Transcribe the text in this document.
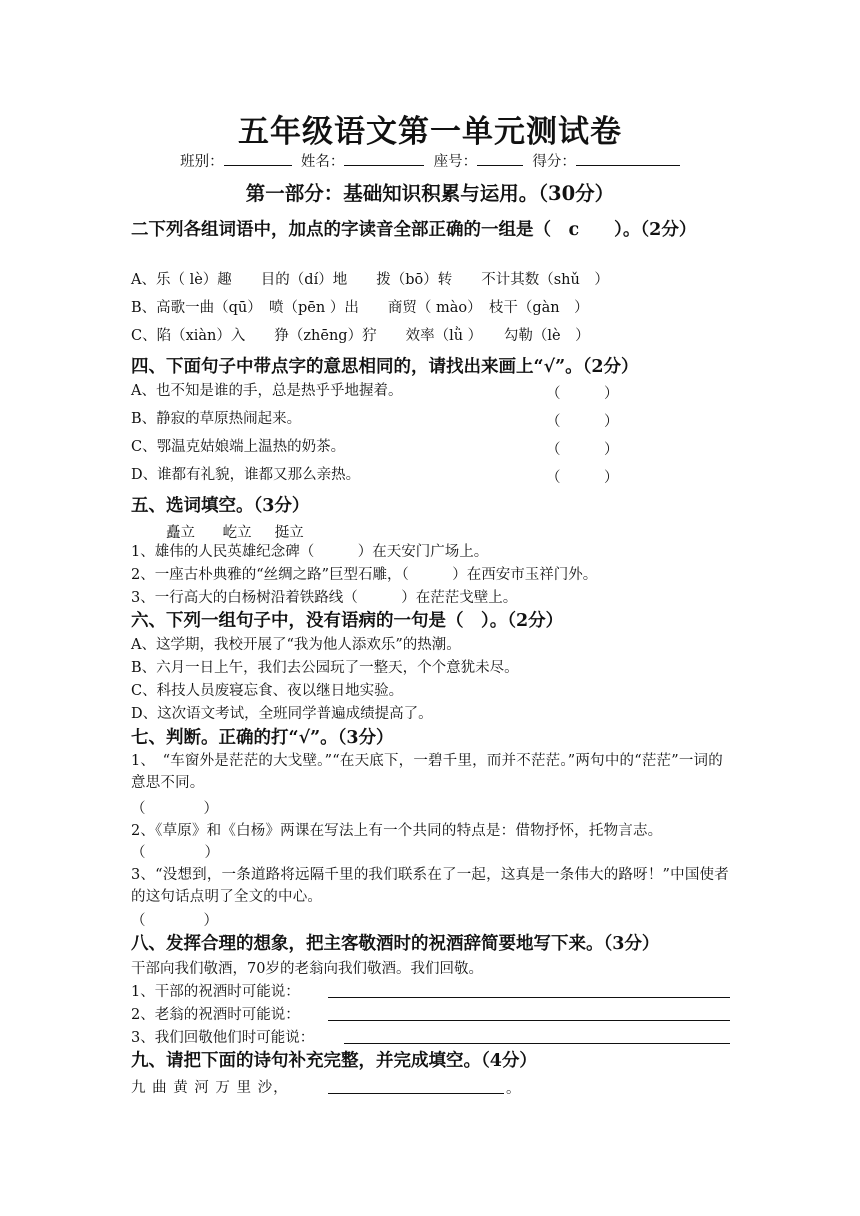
五年级语文第一单元测试卷
班别：	姓名：	座号：	得分：
第一部分：基础知识积累与运用。（30分）
二下列各组词语中，加点的字读音全部正确的一组是（　c　　）。（2分）
A、乐（ lè）趣　　目的（dí）地　　拨（bō）转　　不计其数（shǔ　）
B、高歌一曲（qū）　喷（pēn ）出　　商贸（ mào）　枝干（gàn　）
C、陷（xiàn）入　　狰（zhēng）狞　　效率（lǜ ）　　勾勒（lè　）
四、下面句子中带点字的意思相同的，请找出来画上“√”。（2分）
A、也不知是谁的手，总是热乎乎地握着。	（　　　）
B、静寂的草原热闹起来。	（　　　）
C、鄂温克姑娘端上温热的奶茶。	（　　　）
D、谁都有礼貌，谁都又那么亲热。	（　　　）
五、选词填空。（3分）
矗立 屹立 挺立
1、雄伟的人民英雄纪念碑（　　　）在天安门广场上。
2、一座古朴典雅的“丝绸之路”巨型石雕，（　　　）在西安市玉祥门外。
3、一行高大的白杨树沿着铁路线（　　　）在茫茫戈壁上。
六、下列一组句子中，没有语病的一句是（　）。（2分）
A、这学期，我校开展了“我为他人添欢乐”的热潮。
B、六月一日上午，我们去公园玩了一整天，个个意犹未尽。
C、科技人员废寝忘食、夜以继日地实验。
D、这次语文考试，全班同学普遍成绩提高了。
七、判断。正确的打“√”。（3分）
1、　“车窗外是茫茫的大戈壁。”“在天底下，一碧千里，而并不茫茫。”两句中的“茫茫”一词的意思不同。
（　　　　）
2、《草原》和《白杨》两课在写法上有一个共同的特点是：借物抒怀，托物言志。（　　　　）
3、“没想到，一条道路将远隔千里的我们联系在了一起，这真是一条伟大的路呀！”中国使者的这句话点明了全文的中心。
（　　　　）
八、发挥合理的想象，把主客敬酒时的祝酒辞简要地写下来。（3分）
干部向我们敬酒，70岁的老翁向我们敬酒。我们回敬。
1、干部的祝酒时可能说：
2、老翁的祝酒时可能说：
3、我们回敬他们时可能说：
九、请把下面的诗句补充完整，并完成填空。（4分）
九 曲 黄 河 万 里 沙，	。
